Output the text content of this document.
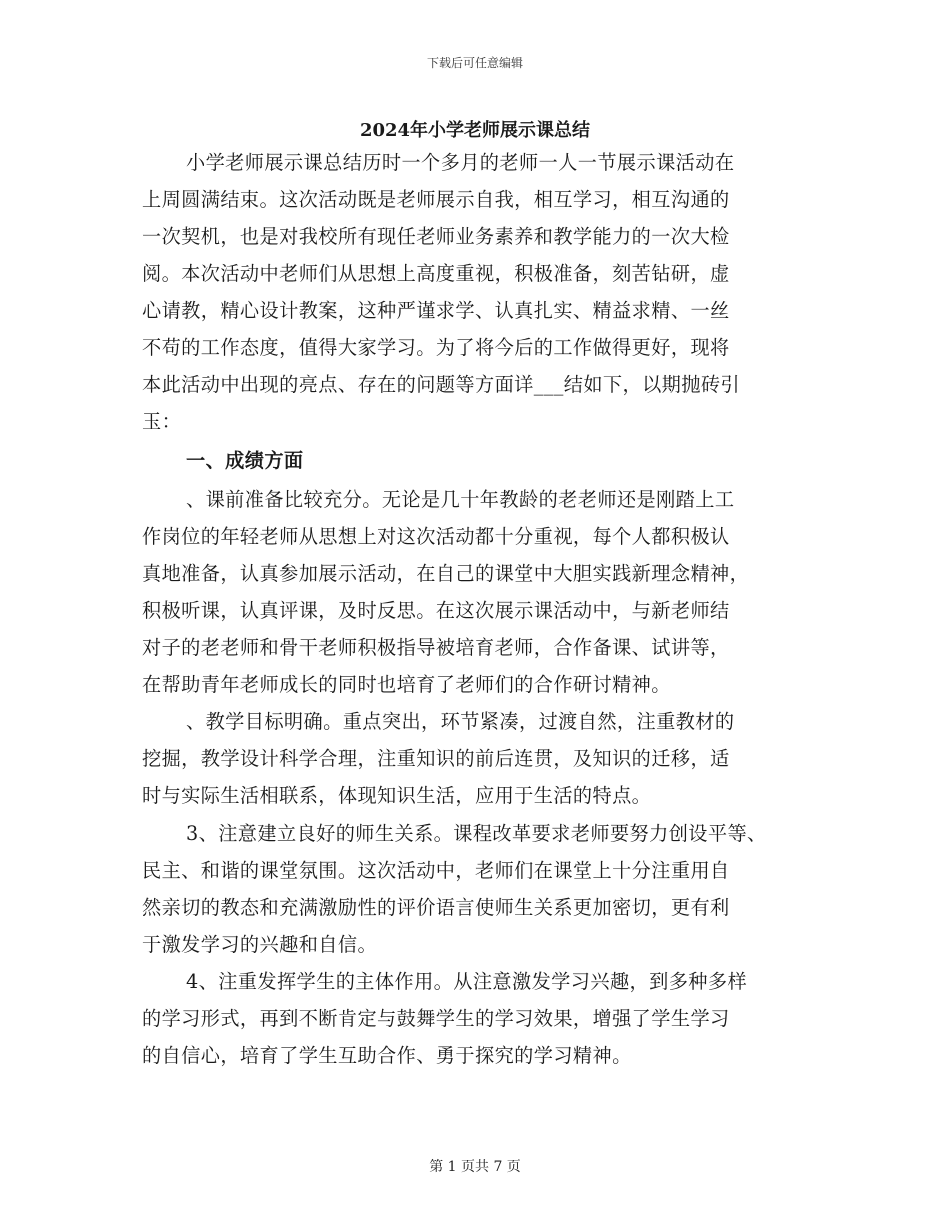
下载后可任意编辑
2024年小学老师展示课总结
小学老师展示课总结历时一个多月的老师一人一节展示课活动在
上周圆满结束。这次活动既是老师展示自我，相互学习，相互沟通的
一次契机，也是对我校所有现任老师业务素养和教学能力的一次大检
阅。本次活动中老师们从思想上高度重视，积极准备，刻苦钻研，虚
心请教，精心设计教案，这种严谨求学、认真扎实、精益求精、一丝
不苟的工作态度，值得大家学习。为了将今后的工作做得更好，现将
本此活动中出现的亮点、存在的问题等方面详___结如下，以期抛砖引
玉：
一、成绩方面
、课前准备比较充分。无论是几十年教龄的老老师还是刚踏上工
作岗位的年轻老师从思想上对这次活动都十分重视，每个人都积极认
真地准备，认真参加展示活动，在自己的课堂中大胆实践新理念精神，
积极听课，认真评课，及时反思。在这次展示课活动中，与新老师结
对子的老老师和骨干老师积极指导被培育老师，合作备课、试讲等，
在帮助青年老师成长的同时也培育了老师们的合作研讨精神。
、教学目标明确。重点突出，环节紧凑，过渡自然，注重教材的
挖掘，教学设计科学合理，注重知识的前后连贯，及知识的迁移，适
时与实际生活相联系，体现知识生活，应用于生活的特点。
3、注意建立良好的师生关系。课程改革要求老师要努力创设平等、
民主、和谐的课堂氛围。这次活动中，老师们在课堂上十分注重用自
然亲切的教态和充满激励性的评价语言使师生关系更加密切，更有利
于激发学习的兴趣和自信。
4、注重发挥学生的主体作用。从注意激发学习兴趣，到多种多样
的学习形式，再到不断肯定与鼓舞学生的学习效果，增强了学生学习
的自信心，培育了学生互助合作、勇于探究的学习精神。
第 1 页共 7 页
